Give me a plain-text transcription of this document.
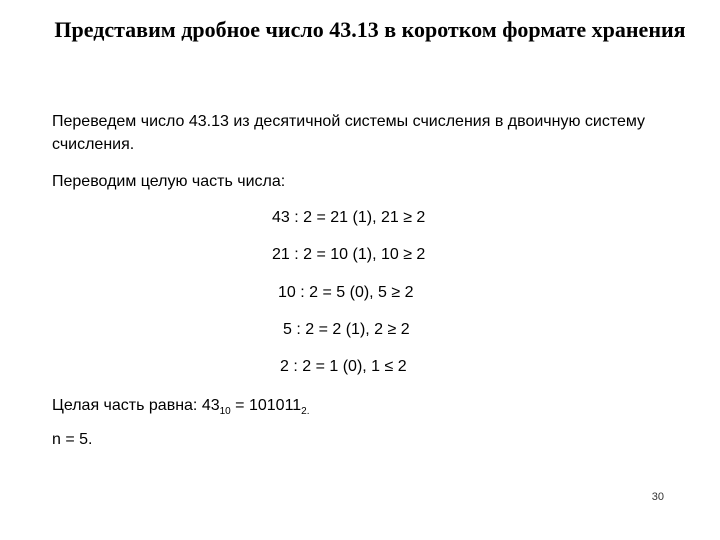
Представим дробное число 43.13 в коротком формате хранения
Переведем число 43.13 из десятичной системы счисления в двоичную систему счисления.
Переводим целую часть числа:
43 : 2 = 21 (1), 21 ≥ 2
21 : 2 = 10 (1), 10 ≥ 2
10 : 2 = 5 (0), 5 ≥ 2
5 : 2 = 2 (1), 2 ≥ 2
2 : 2 = 1 (0), 1 ≤ 2
Целая часть равна: $43_{10} = 101011_{2.}$
n = 5.
30
